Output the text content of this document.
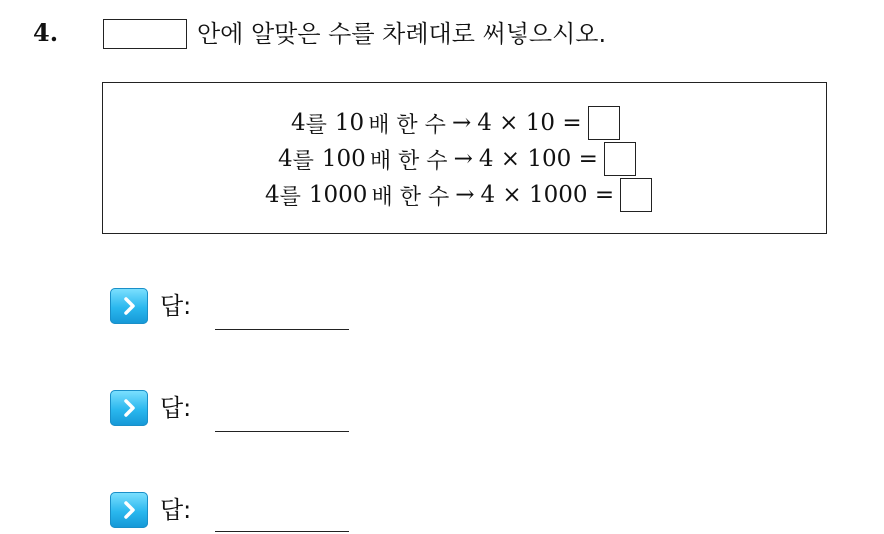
4.	안에 알맞은 수를 차례대로 써넣으시오.
4 를 10 배 한 수 → 4 × 10 =
4 를 100 배 한 수 → 4 × 100 =
4 를 1000 배 한 수 → 4 × 1000 =
답:
답:
답:
